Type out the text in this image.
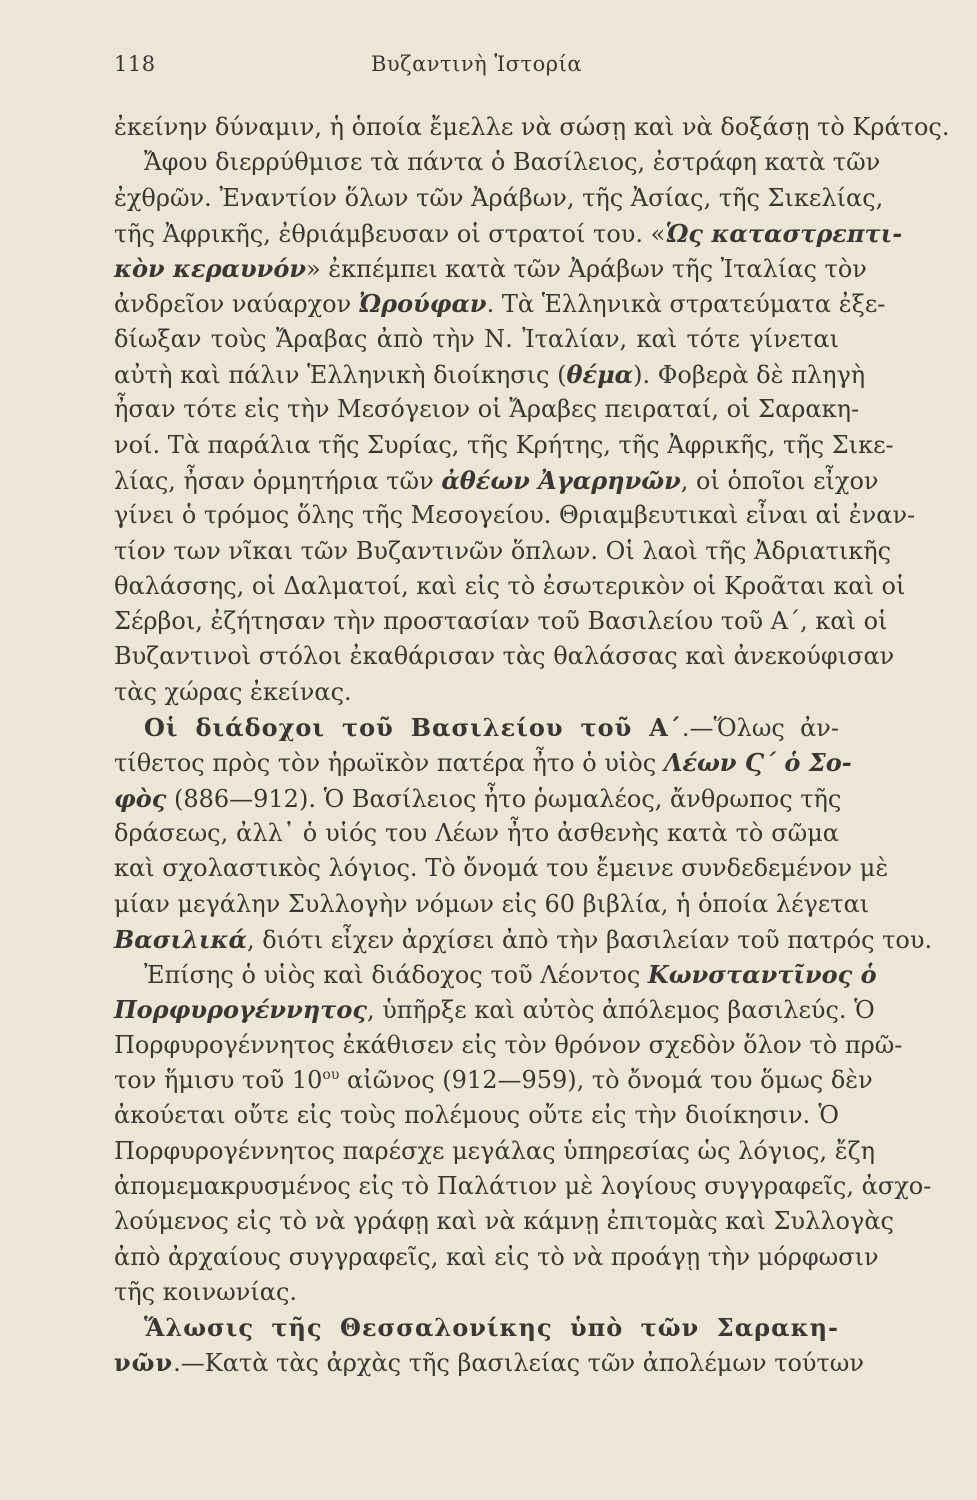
118	Βυζαντινὴ Ἱστορία
ἐκείνην δύναμιν, ἡ ὁποία ἔμελλε νὰ σώσῃ καὶ νὰ δοξάσῃ τὸ Κράτος.
Ἄφου διερρύθμισε τὰ πάντα ὁ Βασίλειος, ἐστράφη κατὰ τῶν
ἐχθρῶν. Ἐναντίον ὅλων τῶν Ἀράβων, τῆς Ἀσίας, τῆς Σικελίας,
τῆς Ἀφρικῆς, ἐθριάμβευσαν οἱ στρατοί του. «Ὡς καταστρεπτι-
κὸν κεραυνόν» ἐκπέμπει κατὰ τῶν Ἀράβων τῆς Ἰταλίας τὸν
ἀνδρεῖον ναύαρχον Ὠρούφαν. Τὰ Ἑλληνικὰ στρατεύματα ἐξε-
δίωξαν τοὺς Ἄραβας ἀπὸ τὴν Ν. Ἰταλίαν, καὶ τότε γίνεται
αὐτὴ καὶ πάλιν Ἑλληνικὴ διοίκησις (θέμα). Φοβερὰ δὲ πληγὴ
ἦσαν τότε εἰς τὴν Μεσόγειον οἱ Ἄραβες πειραταί, οἱ Σαρακη-
νοί. Τὰ παράλια τῆς Συρίας, τῆς Κρήτης, τῆς Ἀφρικῆς, τῆς Σικε-
λίας, ἦσαν ὁρμητήρια τῶν ἀθέων Ἀγαρηνῶν, οἱ ὁποῖοι εἶχον
γίνει ὁ τρόμος ὅλης τῆς Μεσογείου. Θριαμβευτικαὶ εἶναι αἱ ἐναν-
τίον των νῖκαι τῶν Βυζαντινῶν ὅπλων. Οἱ λαοὶ τῆς Ἀδριατικῆς
θαλάσσης, οἱ Δαλματοί, καὶ εἰς τὸ ἐσωτερικὸν οἱ Κροᾶται καὶ οἱ
Σέρβοι, ἐζήτησαν τὴν προστασίαν τοῦ Βασιλείου τοῦ Α΄, καὶ οἱ
Βυζαντινοὶ στόλοι ἐκαθάρισαν τὰς θαλάσσας καὶ ἀνεκούφισαν
τὰς χώρας ἐκείνας.
Οἱ διάδοχοι τοῦ Βασιλείου τοῦ Α΄.—Ὅλως ἀν-
τίθετος πρὸς τὸν ἡρωϊκὸν πατέρα ἦτο ὁ υἱὸς Λέων Ϛ΄ ὁ Σο-
φὸς (886—912). Ὁ Βασίλειος ἦτο ῥωμαλέος, ἄνθρωπος τῆς
δράσεως, ἀλλ᾽ ὁ υἱός του Λέων ἦτο ἀσθενὴς κατὰ τὸ σῶμα
καὶ σχολαστικὸς λόγιος. Τὸ ὄνομά του ἔμεινε συνδεδεμένον μὲ
μίαν μεγάλην Συλλογὴν νόμων εἰς 60 βιβλία, ἡ ὁποία λέγεται
Βασιλικά, διότι εἶχεν ἀρχίσει ἀπὸ τὴν βασιλείαν τοῦ πατρός του.
Ἐπίσης ὁ υἱὸς καὶ διάδοχος τοῦ Λέοντος Κωνσταντῖνος ὁ
Πορφυρογέννητος, ὑπῆρξε καὶ αὐτὸς ἀπόλεμος βασιλεύς. Ὁ
Πορφυρογέννητος ἐκάθισεν εἰς τὸν θρόνον σχεδὸν ὅλον τὸ πρῶ-
τον ἥμισυ τοῦ $10^{o\upsilon}$ αἰῶνος (912—959), τὸ ὄνομά του ὅμως δὲν
ἀκούεται οὔτε εἰς τοὺς πολέμους οὔτε εἰς τὴν διοίκησιν. Ὁ
Πορφυρογέννητος παρέσχε μεγάλας ὑπηρεσίας ὡς λόγιος, ἔζη
ἀπομεμακρυσμένος εἰς τὸ Παλάτιον μὲ λογίους συγγραφεῖς, ἀσχο-
λούμενος εἰς τὸ νὰ γράφῃ καὶ νὰ κάμνῃ ἐπιτομὰς καὶ Συλλογὰς
ἀπὸ ἀρχαίους συγγραφεῖς, καὶ εἰς τὸ νὰ προάγῃ τὴν μόρφωσιν
τῆς κοινωνίας.
Ἅλωσις τῆς Θεσσαλονίκης ὑπὸ τῶν Σαρακη-
νῶν.—Κατὰ τὰς ἀρχὰς τῆς βασιλείας τῶν ἀπολέμων τούτων
